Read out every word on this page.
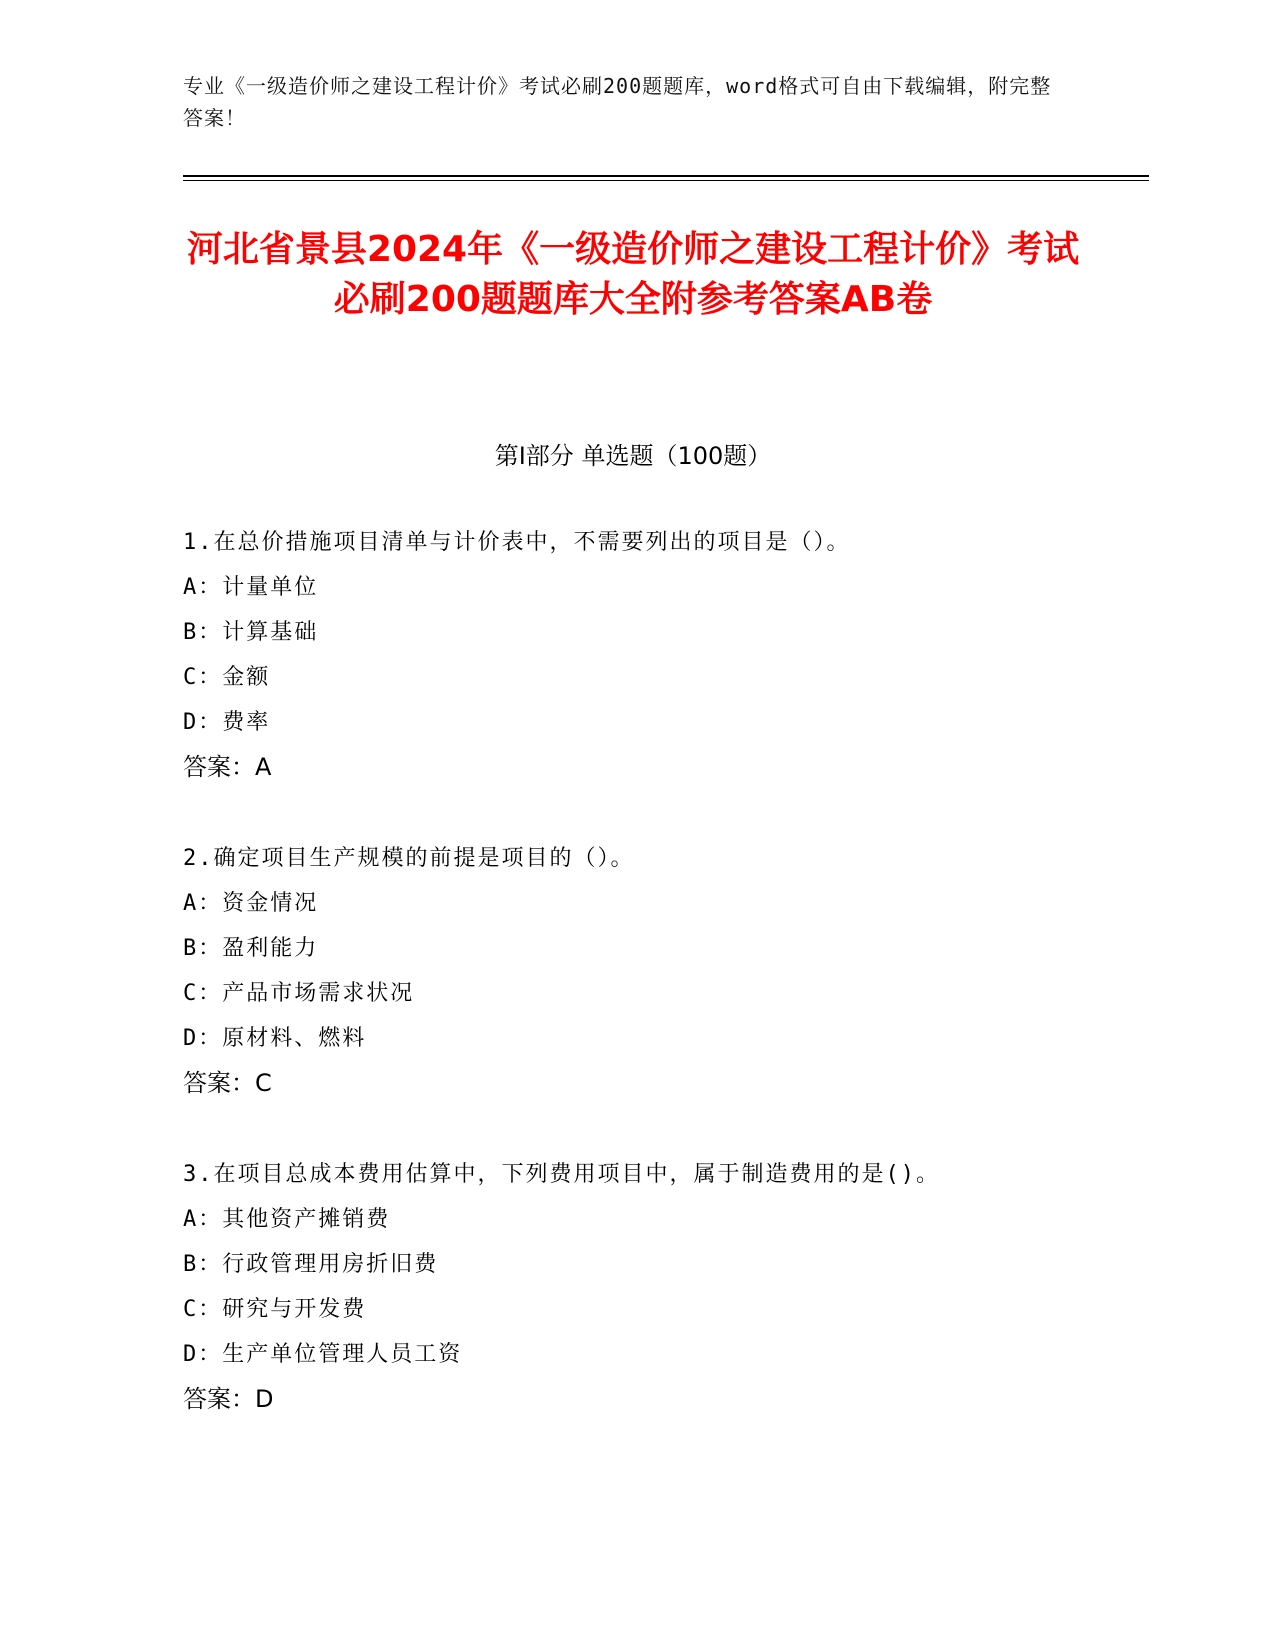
专业《一级造价师之建设工程计价》考试必刷200题题库，word格式可自由下载编辑，附完整答案！
河北省景县2024年《一级造价师之建设工程计价》考试必刷200题题库大全附参考答案AB卷
第Ⅰ部分 单选题（100题）

1.在总价措施项目清单与计价表中，不需要列出的项目是（）。

A：计量单位

B：计算基础

C：金额

D：费率

答案：A

2.确定项目生产规模的前提是项目的（）。

A：资金情况

B：盈利能力

C：产品市场需求状况

D：原材料、燃料

答案：C

3.在项目总成本费用估算中，下列费用项目中，属于制造费用的是()。

A：其他资产摊销费

B：行政管理用房折旧费

C：研究与开发费

D：生产单位管理人员工资

答案：D
